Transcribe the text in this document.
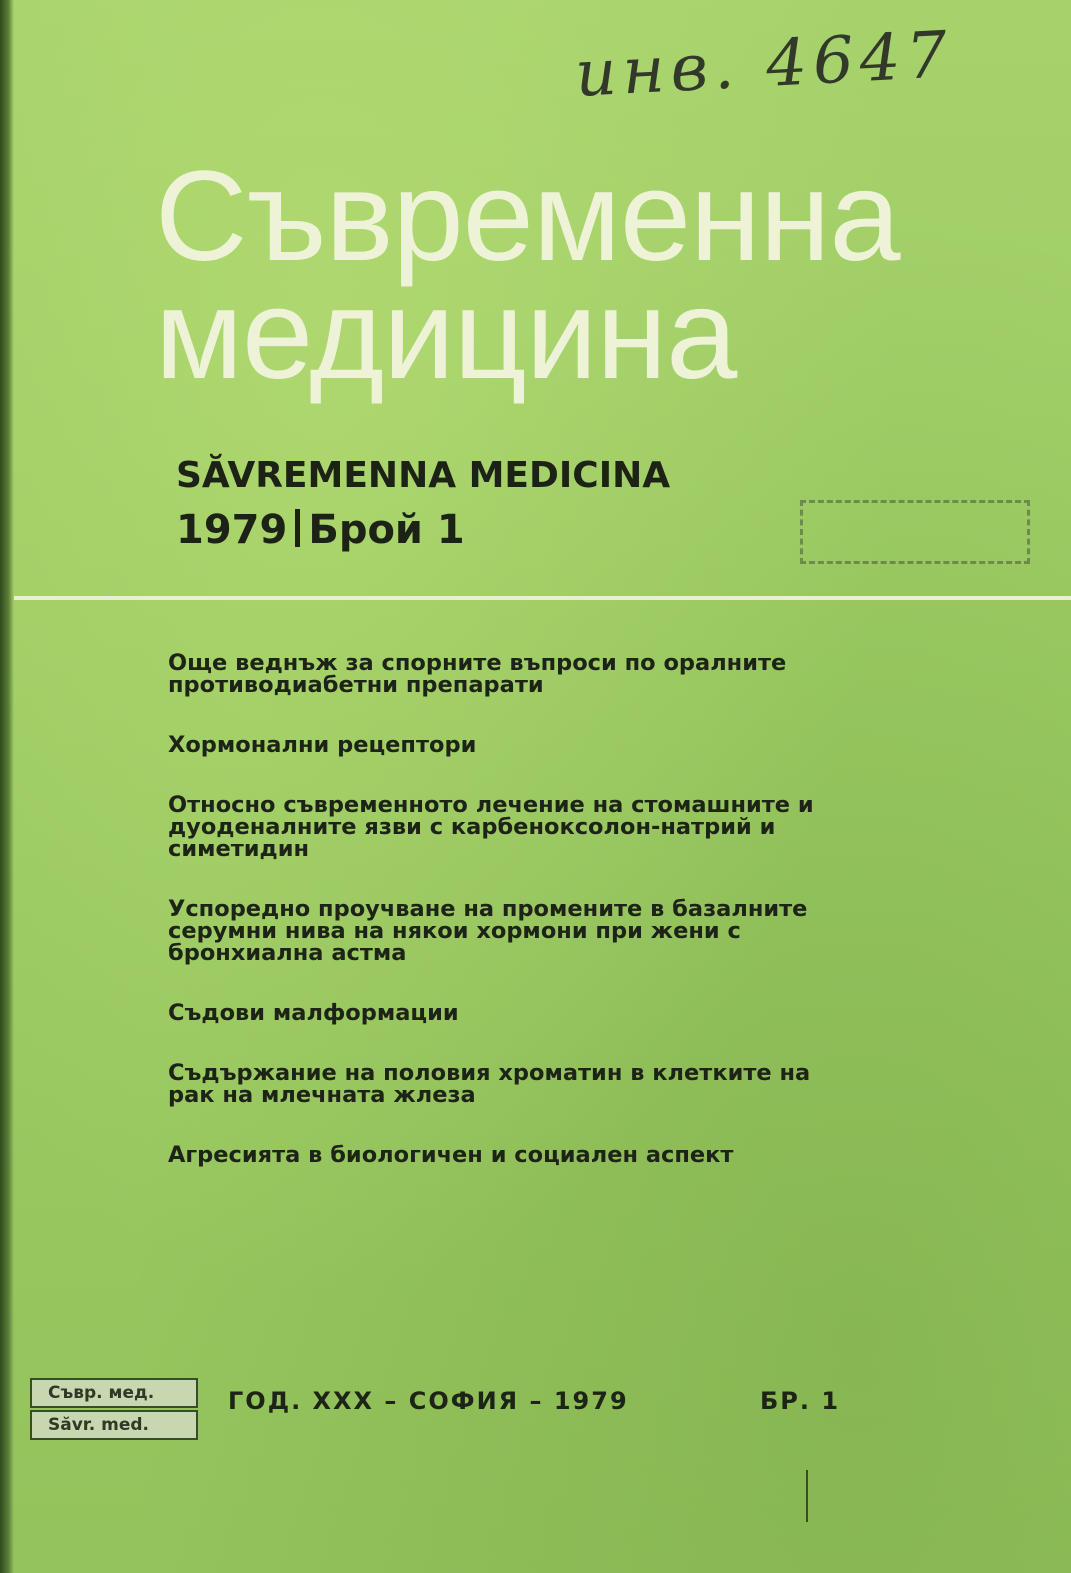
инв. 4647
Съвременна
медицина
SĂVREMENNA MEDICINA
1979 Брой 1

Още веднъж за спорните въпроси по оралните противодиабетни препарати

Хормонални рецептори

Относно съвременното лечение на стомашните и дуоденалните язви с карбеноксолон-натрий и симетидин

Успоредно проучване на промените в базалните серумни нива на някои хормони при жени с бронхиална астма

Съдови малформации

Съдържание на половия хроматин в клетките на рак на млечната жлеза

Агресията в биологичен и социален аспект

Съвр. мед.
Săvr. med.
ГОД. XXX – СОФИЯ – 1979	БР. 1
